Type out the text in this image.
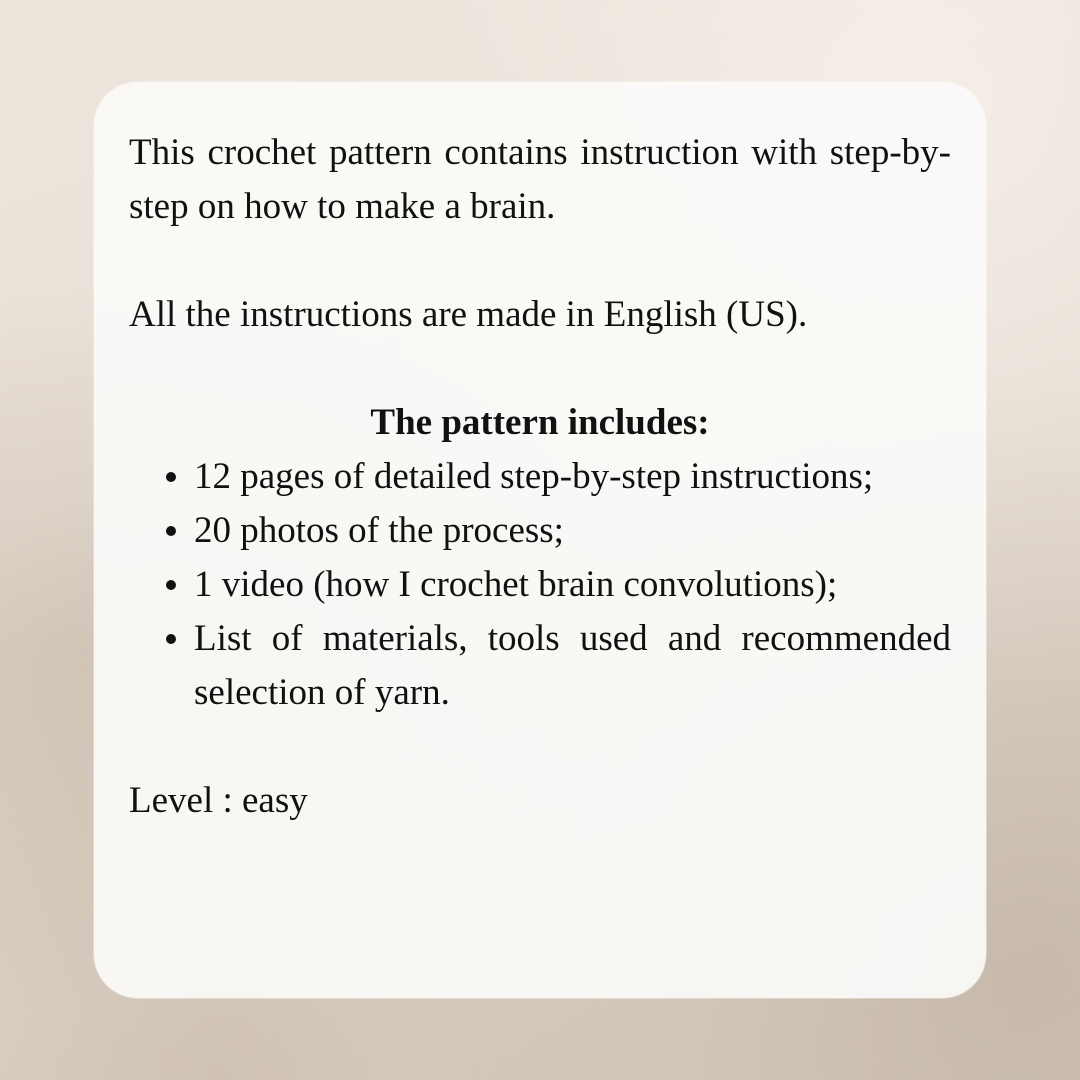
This crochet pattern contains instruction with step-by-step on how to make a brain.

All the instructions are made in English (US).

The pattern includes:

12 pages of detailed step-by-step instructions;
20 photos of the process;
1 video (how I crochet brain convolutions);
List of materials, tools used and recommended selection of yarn.

Level : easy
